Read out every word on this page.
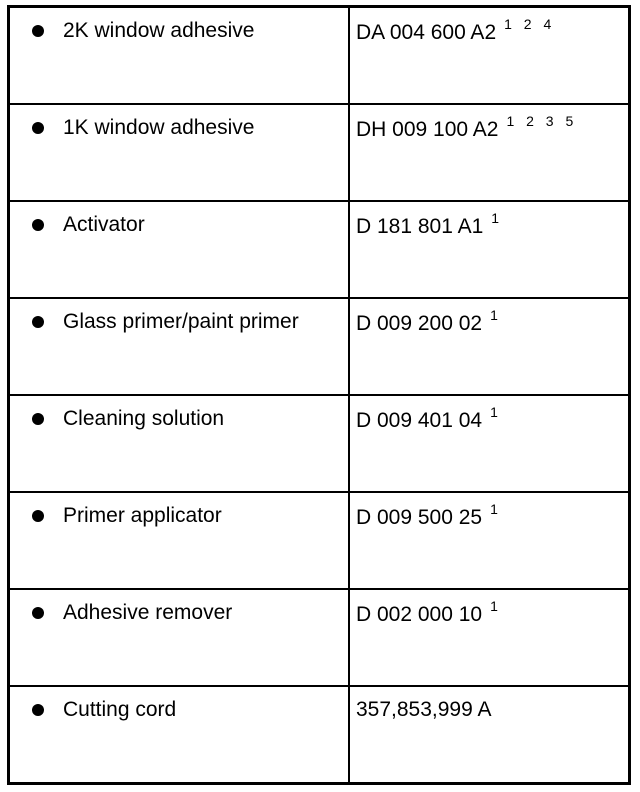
2K window adhesive	DA 004 600 A2 1 2 4
1K window adhesive	DH 009 100 A2 1 2 3 5
Activator	D 181 801 A1 1
Glass primer/paint primer	D 009 200 02 1
Cleaning solution	D 009 401 04 1
Primer applicator	D 009 500 25 1
Adhesive remover	D 002 000 10 1
Cutting cord	357,853,999 A
